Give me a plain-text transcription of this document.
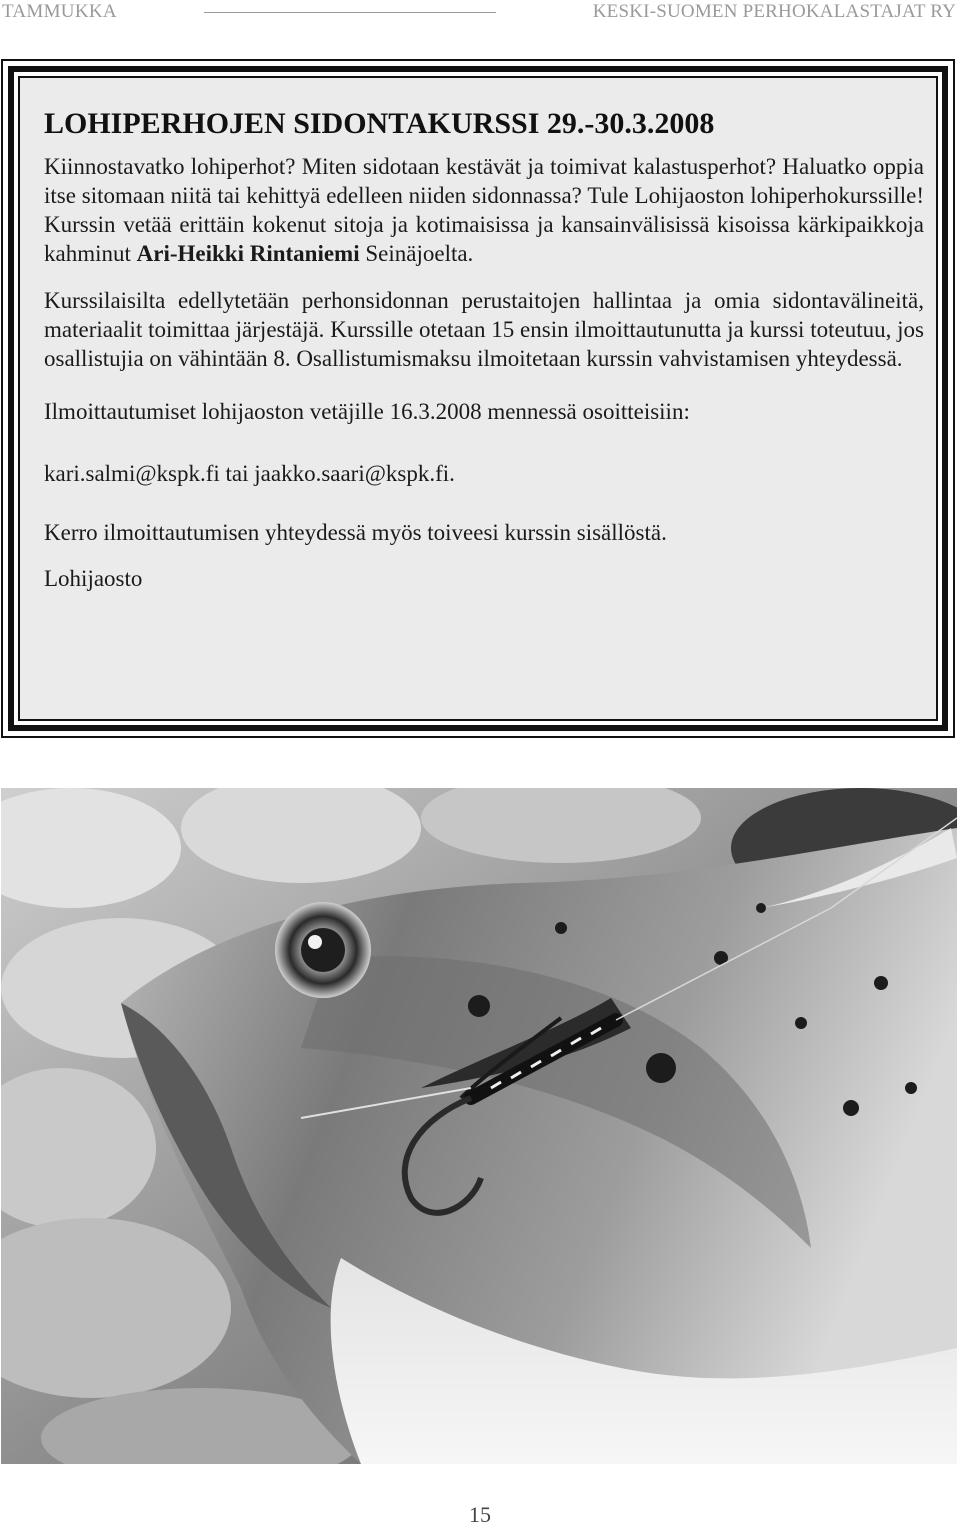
TAMMUKKA	KESKI-SUOMEN PERHOKALASTAJAT RY
LOHIPERHOJEN SIDONTAKURSSI 29.-30.3.2008

Kiinnostavatko lohiperhot? Miten sidotaan kestävät ja toimivat kalastusperhot? Haluatko oppia itse sitomaan niitä tai kehittyä edelleen niiden sidonnassa? Tule Lohijaoston lohiperhokurssille! Kurssin vetää erittäin kokenut sitoja ja kotimaisissa ja kansainvälisissä kisoissa kärkipaikkoja kahminut Ari-Heikki Rintaniemi Seinäjoelta.

Kurssilaisilta edellytetään perhonsidonnan perustaitojen hallintaa ja omia sidontavälineitä, materiaalit toimittaa järjestäjä. Kurssille otetaan 15 ensin ilmoittautunutta ja kurssi toteutuu, jos osallistujia on vähintään 8. Osallistumismaksu ilmoitetaan kurssin vahvistamisen yhteydessä.

Ilmoittautumiset lohijaoston vetäjille 16.3.2008 mennessä osoitteisiin:

kari.salmi@kspk.fi tai jaakko.saari@kspk.fi.

Kerro ilmoittautumisen yhteydessä myös toiveesi kurssin sisällöstä.

Lohijaosto

15
